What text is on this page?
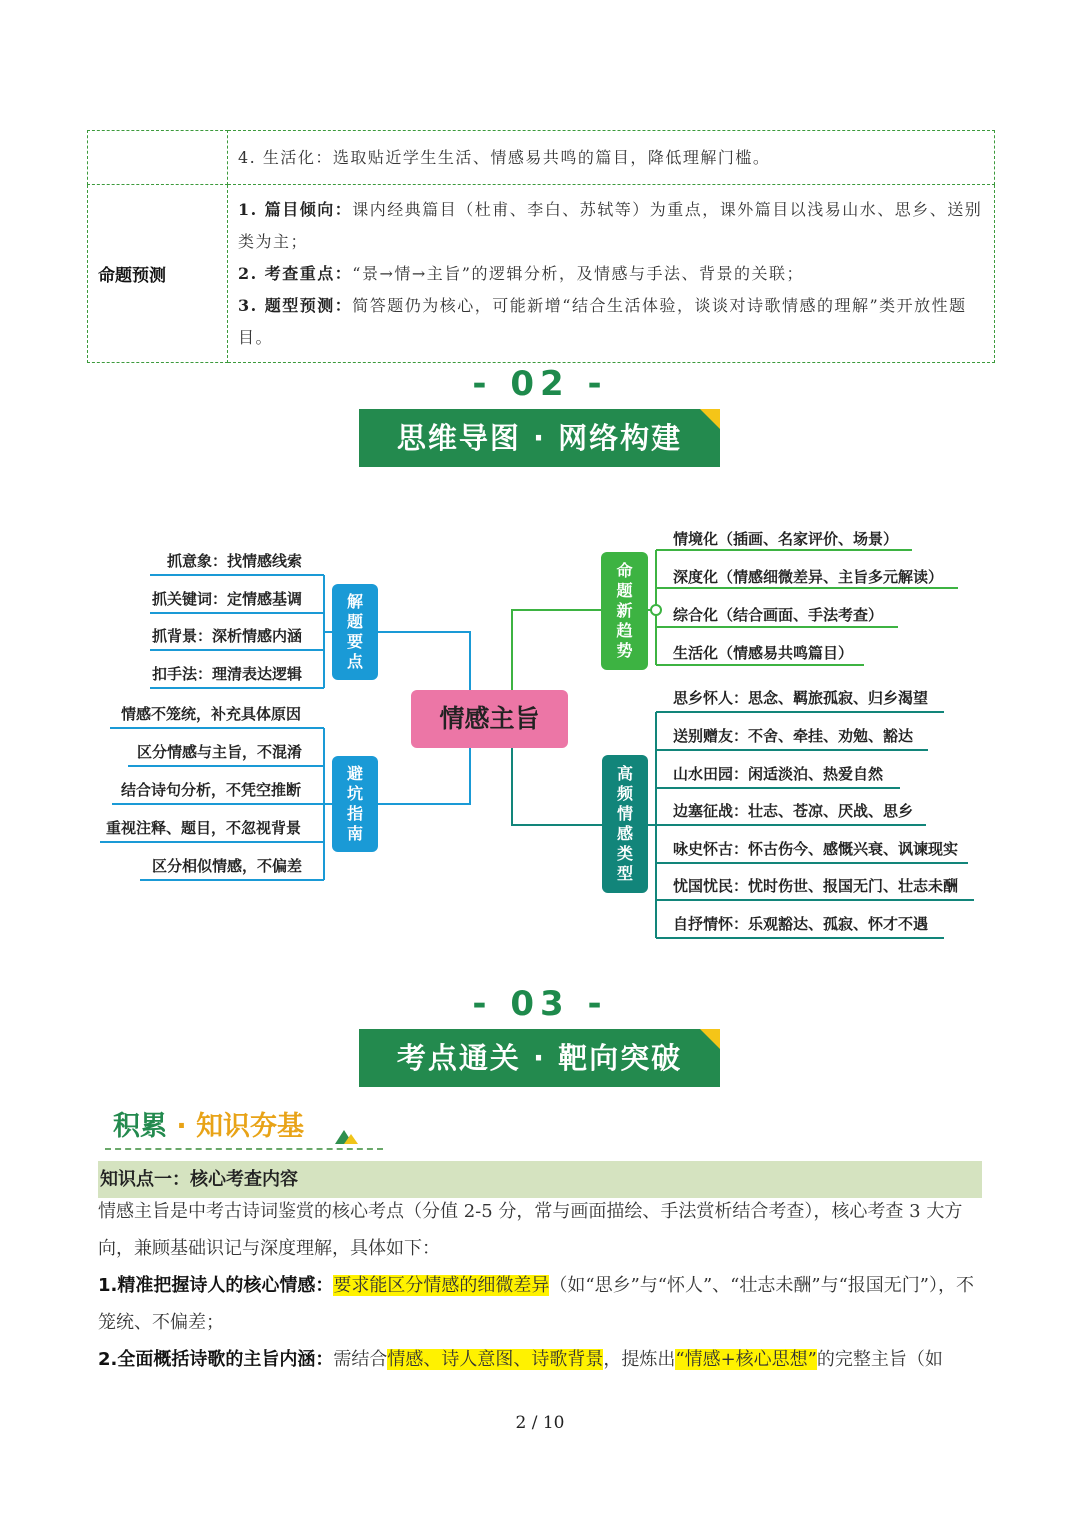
	4. 生活化：选取贴近学生生活、情感易共鸣的篇目，降低理解门槛。
命题预测	1. 篇目倾向：课内经典篇目（杜甫、李白、苏轼等）为重点，课外篇目以浅易山水、思乡、送别类为主；
2. 考查重点：“景→情→主旨”的逻辑分析，及情感与手法、背景的关联；
3. 题型预测：简答题仍为核心，可能新增“结合生活体验，谈谈对诗歌情感的理解”类开放性题目。
- 02 -
思维导图 · 网络构建
情感主旨
解题要点
抓意象：找情感线索
抓关键词：定情感基调
抓背景：深析情感内涵
扣手法：理清表达逻辑
避坑指南
情感不笼统，补充具体原因
区分情感与主旨，不混淆
结合诗句分析，不凭空推断
重视注释、题目，不忽视背景
区分相似情感，不偏差
命题新趋势
情境化（插画、名家评价、场景）
深度化（情感细微差异、主旨多元解读）
综合化（结合画面、手法考查）
生活化（情感易共鸣篇目）
高频情感类型
思乡怀人：思念、羁旅孤寂、归乡渴望
送别赠友：不舍、牵挂、劝勉、豁达
山水田园：闲适淡泊、热爱自然
边塞征战：壮志、苍凉、厌战、思乡
咏史怀古：怀古伤今、感慨兴衰、讽谏现实
忧国忧民：忧时伤世、报国无门、壮志未酬
自抒情怀：乐观豁达、孤寂、怀才不遇
- 03 -
考点通关 · 靶向突破
积累 · 知识夯基
知识点一：核心考查内容
情感主旨是中考古诗词鉴赏的核心考点（分值 2-5 分，常与画面描绘、手法赏析结合考查），核心考查 3 大方向，兼顾基础识记与深度理解，具体如下：
1.精准把握诗人的核心情感：要求能区分情感的细微差异（如“思乡”与“怀人”、“壮志未酬”与“报国无门”），不笼统、不偏差；
2.全面概括诗歌的主旨内涵：需结合情感、诗人意图、诗歌背景，提炼出“情感+核心思想”的完整主旨（如
2 / 10
